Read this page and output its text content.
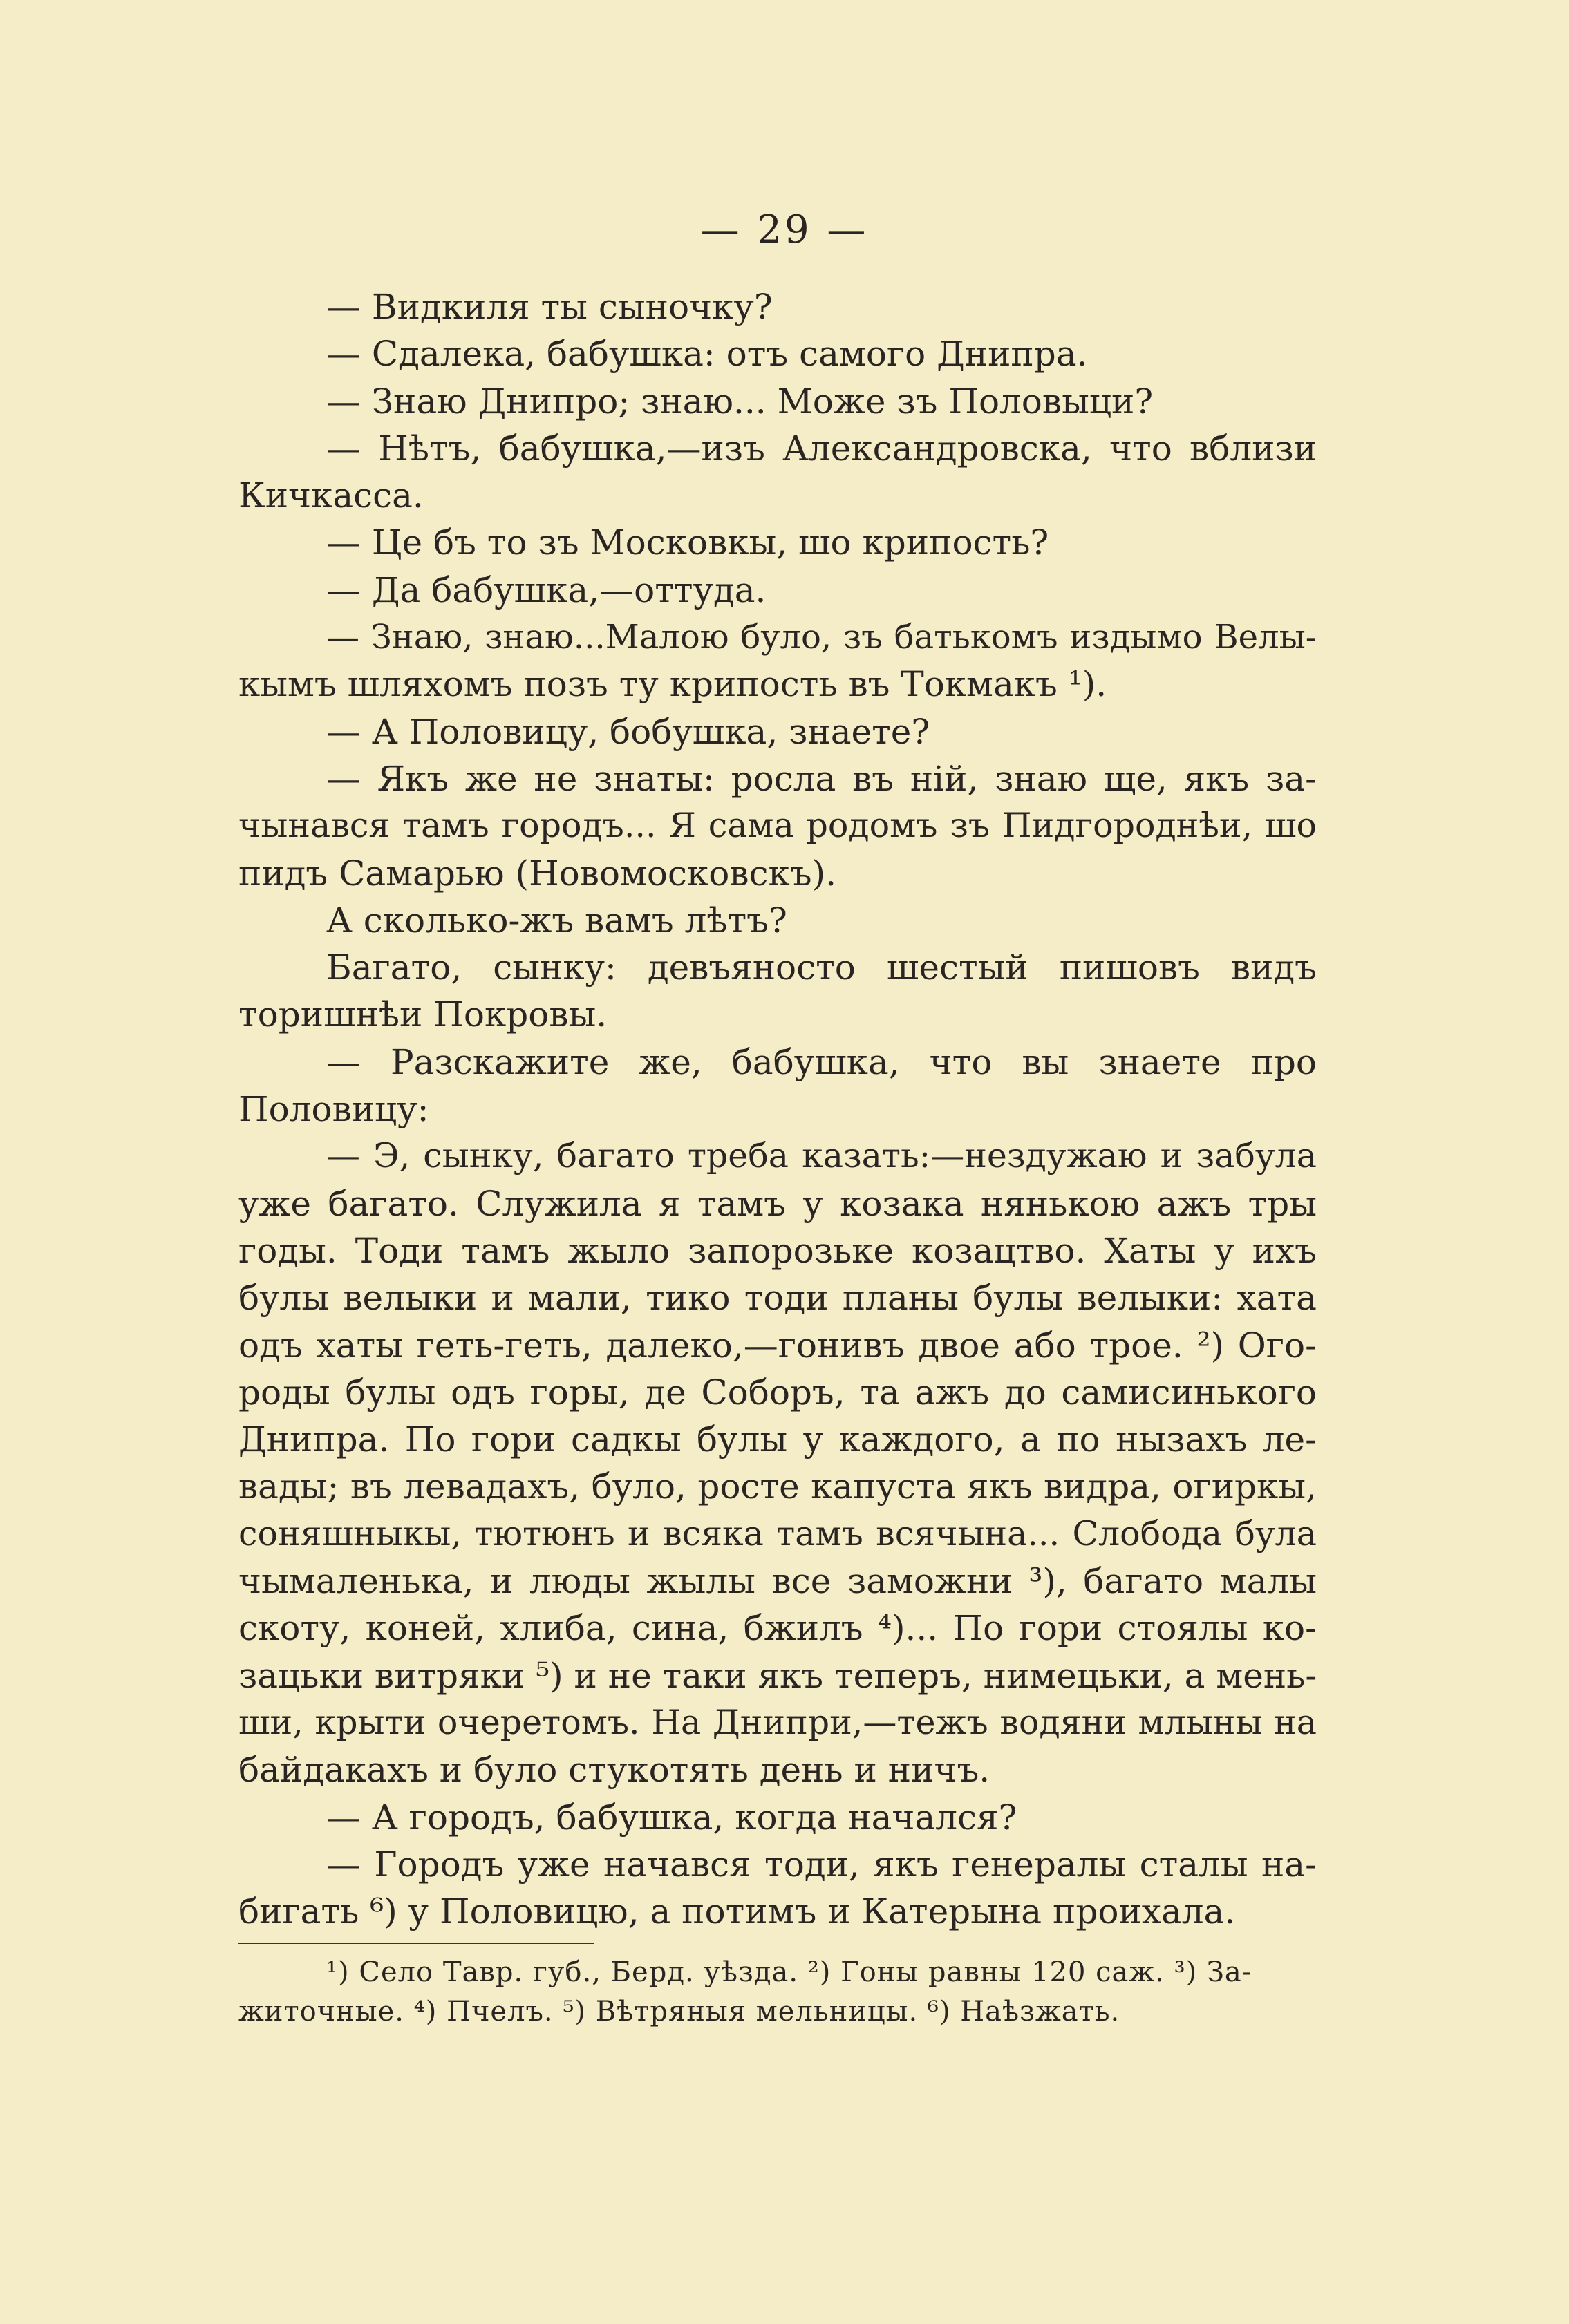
— 29 —
— Видкиля ты сыночку?
— Сдалека, бабушка: отъ самого Днипра.
— Знаю Днипро; знаю... Може зъ Половыци?
— Нѣтъ, бабушка,—изъ Александровска, что вблизи
Кичкасса.
— Це бъ то зъ Московкы, шо крипость?
— Да бабушка,—оттуда.
— Знаю, знаю...Малою було, зъ батькомъ издымо Велы-
кымъ шляхомъ позъ ту крипость въ Токмакъ ¹).
— А Половицу, бобушка, знаете?
— Якъ же не знаты: росла въ нiй, знаю ще, якъ за-
чынався тамъ городъ... Я сама родомъ зъ Пидгороднѣи, шо
пидъ Самарью (Новомосковскъ).
А сколько-жъ вамъ лѣтъ?
Багато, сынку: девъяносто шестый пишовъ видъ
торишнѣи Покровы.
— Разскажите же, бабушка, что вы знаете про
Половицу:
— Э, сынку, багато треба казать:—нездужаю и забула
уже багато. Служила я тамъ у козака нянькою ажъ тры
годы. Тоди тамъ жыло запорозьке козацтво. Хаты у ихъ
булы велыки и мали, тико тоди планы булы велыки: хата
одъ хаты геть-геть, далеко,—гонивъ двое або трое. ²) Ого-
роды булы одъ горы, де Соборъ, та ажъ до самисинького
Днипра. По гори садкы булы у каждого, а по нызахъ ле-
вады; въ левадахъ, було, росте капуста якъ видра, огиркы,
соняшныкы, тютюнъ и всяка тамъ всячына... Слобода була
чымаленька, и люды жылы все заможни ³), багато малы
скоту, коней, хлиба, сина, бжилъ ⁴)... По гори стоялы ко-
зацьки витряки ⁵) и не таки якъ теперъ, нимецьки, а мень-
ши, крыти очеретомъ. На Днипри,—тежъ водяни млыны на
байдакахъ и було стукотять день и ничъ.
— А городъ, бабушка, когда начался?
— Городъ уже начався тоди, якъ генералы сталы на-
бигать ⁶) у Половицю, а потимъ и Катерына проихала.
¹) Село Тавр. губ., Берд. уѣзда. ²) Гоны равны 120 саж. ³) За-
житочные. ⁴) Пчелъ. ⁵) Вѣтряныя мельницы. ⁶) Наѣзжать.
